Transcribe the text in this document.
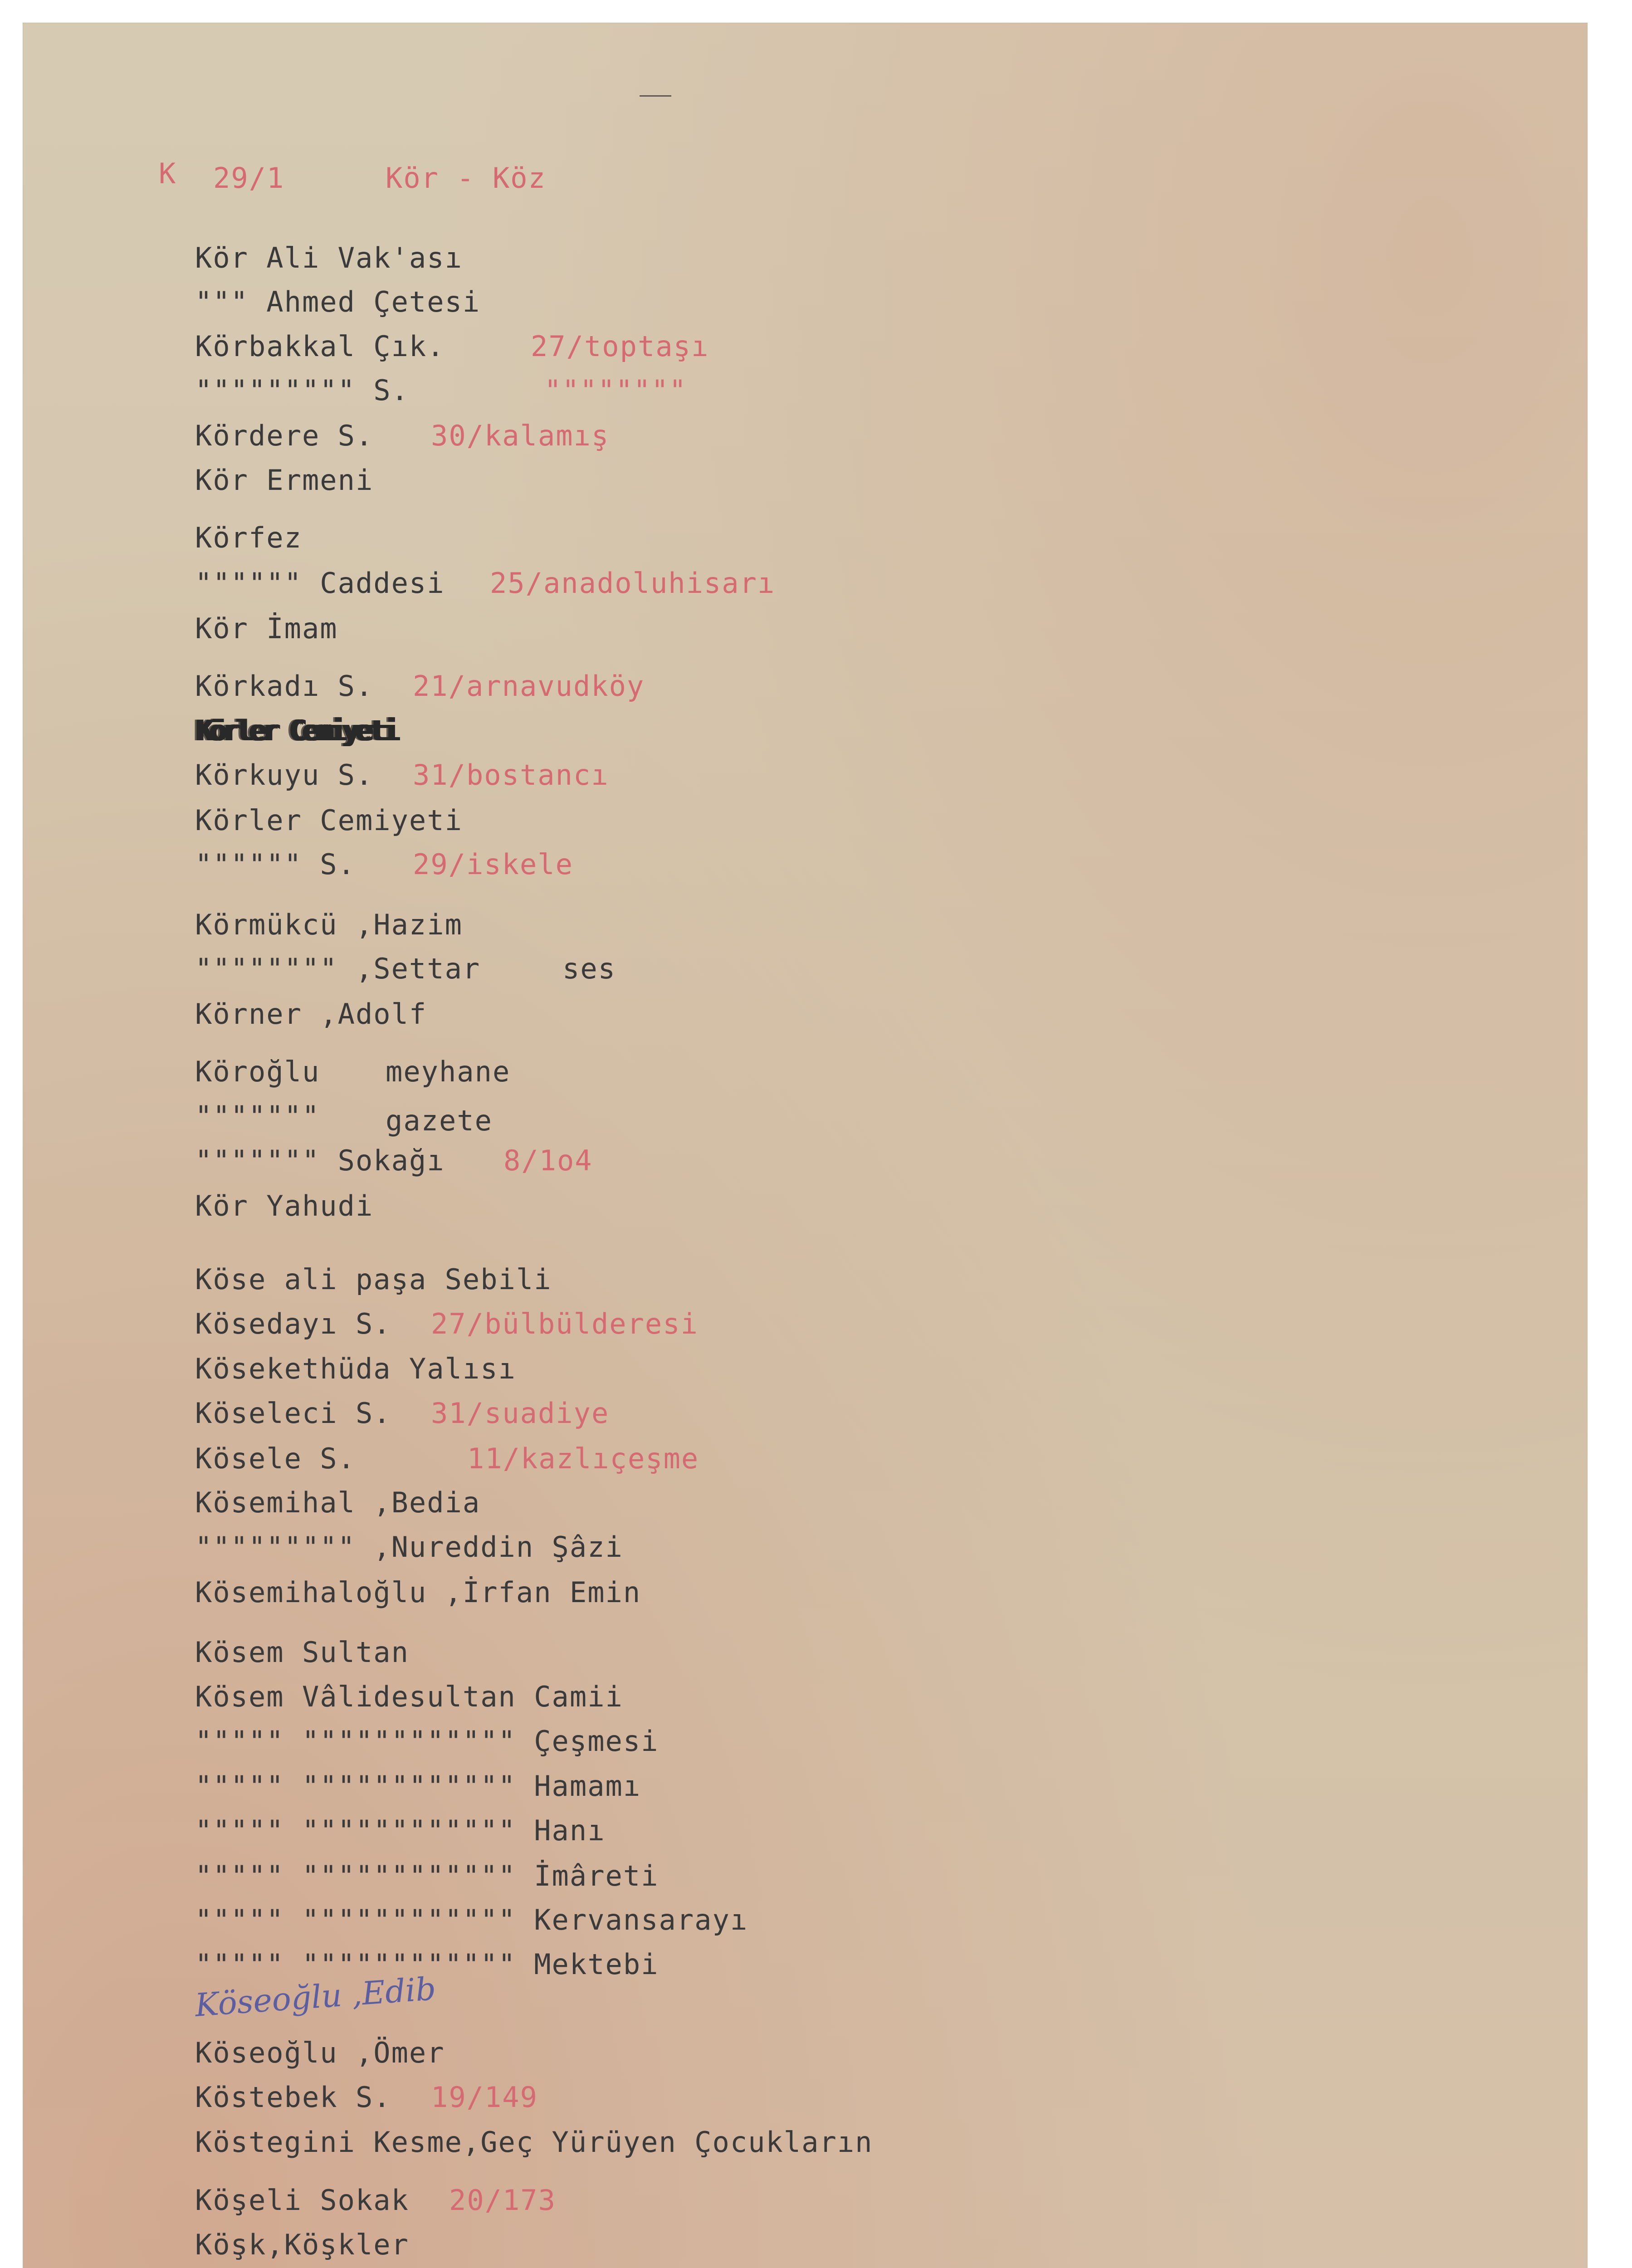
K 29/1	Kör - Köz
Kör Ali Vak'ası
""" Ahmed Çetesi
Körbakkal Çık.	27/toptaşı
""""""""" S.	""""""""
Kördere S. 30/kalamış
Kör Ermeni
Körfez
"""""" Caddesi 25/anadoluhisarı
Kör İmam
Körkadı S. 21/arnavudköy
Körler Cemiyeti
Körkuyu S. 31/bostancı
Körler Cemiyeti
"""""" S. 29/iskele
Körmükcü ,Hazim
"""""""" ,Settar	ses
Körner ,Adolf
Köroğlu meyhane
""""""" gazete
""""""" Sokağı 8/1o4
Kör Yahudi
Köse ali paşa Sebili
Kösedayı S. 27/bülbülderesi
Kösekethüda Yalısı
Köseleci S. 31/suadiye
Kösele S.	11/kazlıçeşme
Kösemihal ,Bedia
""""""""" ,Nureddin Şâzi
Kösemihaloğlu ,İrfan Emin
Kösem Sultan
Kösem Vâlidesultan Camii
""""" """""""""""" Çeşmesi
""""" """""""""""" Hamamı
""""" """""""""""" Hanı
""""" """""""""""" İmâreti
""""" """""""""""" Kervansarayı
""""" """""""""""" Mektebi
Köseoğlu ,Edib
Köseoğlu ,Ömer
Köstebek S. 19/149
Köstegini Kesme,Geç Yürüyen Çocukların
Köşeli Sokak 20/173
Köşk,Köşkler
